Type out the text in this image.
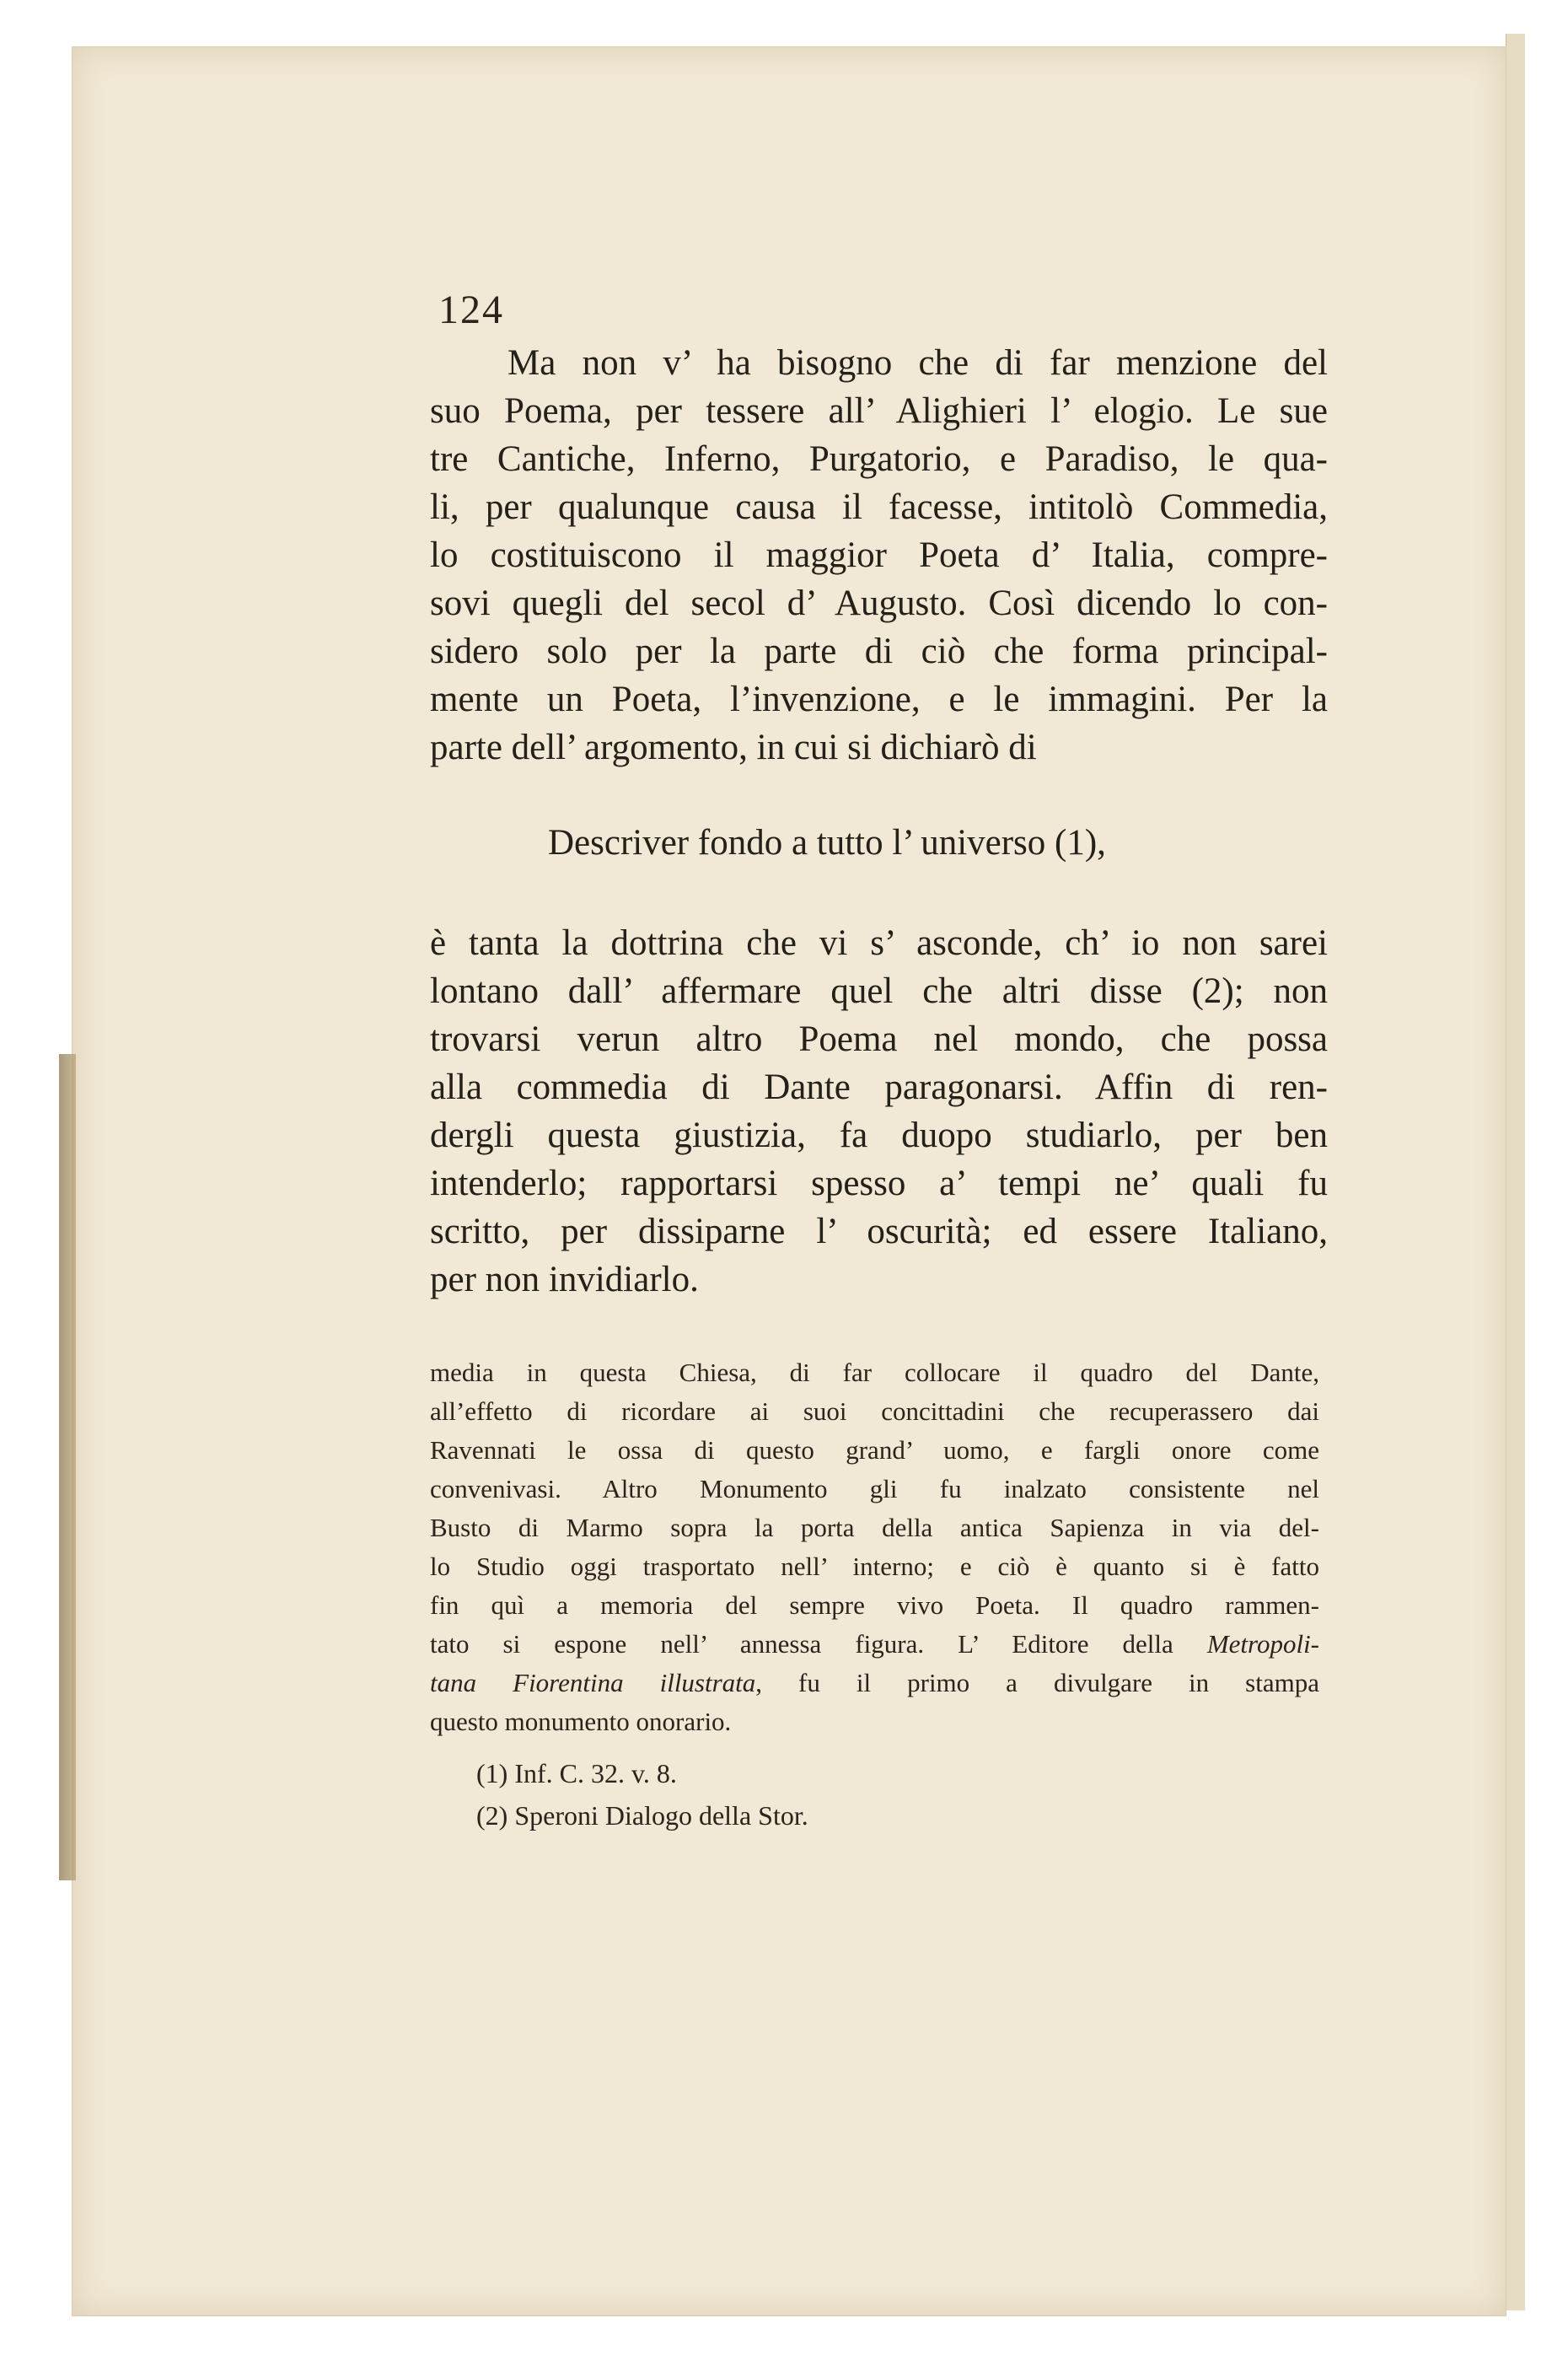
124
Ma non v’ ha bisogno che di far menzione del
suo Poema, per tessere all’ Alighieri l’ elogio. Le sue
tre Cantiche, Inferno, Purgatorio, e Paradiso, le qua-
li, per qualunque causa il facesse, intitolò Commedia,
lo costituiscono il maggior Poeta d’ Italia, compre-
sovi quegli del secol d’ Augusto. Così dicendo lo con-
sidero solo per la parte di ciò che forma principal-
mente un Poeta, l’invenzione, e le immagini. Per la
parte dell’ argomento, in cui si dichiarò di
Descriver fondo a tutto l’ universo (1),
è tanta la dottrina che vi s’ asconde, ch’ io non sarei
lontano dall’ affermare quel che altri disse (2); non
trovarsi verun altro Poema nel mondo, che possa
alla commedia di Dante paragonarsi. Affin di ren-
dergli questa giustizia, fa duopo studiarlo, per ben
intenderlo; rapportarsi spesso a’ tempi ne’ quali fu
scritto, per dissiparne l’ oscurità; ed essere Italiano,
per non invidiarlo.
media in questa Chiesa, di far collocare il quadro del Dante,
all’effetto di ricordare ai suoi concittadini che recuperassero dai
Ravennati le ossa di questo grand’ uomo, e fargli onore come
convenivasi. Altro Monumento gli fu inalzato consistente nel
Busto di Marmo sopra la porta della antica Sapienza in via del-
lo Studio oggi trasportato nell’ interno; e ciò è quanto si è fatto
fin quì a memoria del sempre vivo Poeta. Il quadro rammen-
tato si espone nell’ annessa figura. L’ Editore della Metropoli-
tana Fiorentina illustrata, fu il primo a divulgare in stampa
questo monumento onorario.
(1) Inf. C. 32. v. 8.
(2) Speroni Dialogo della Stor.
